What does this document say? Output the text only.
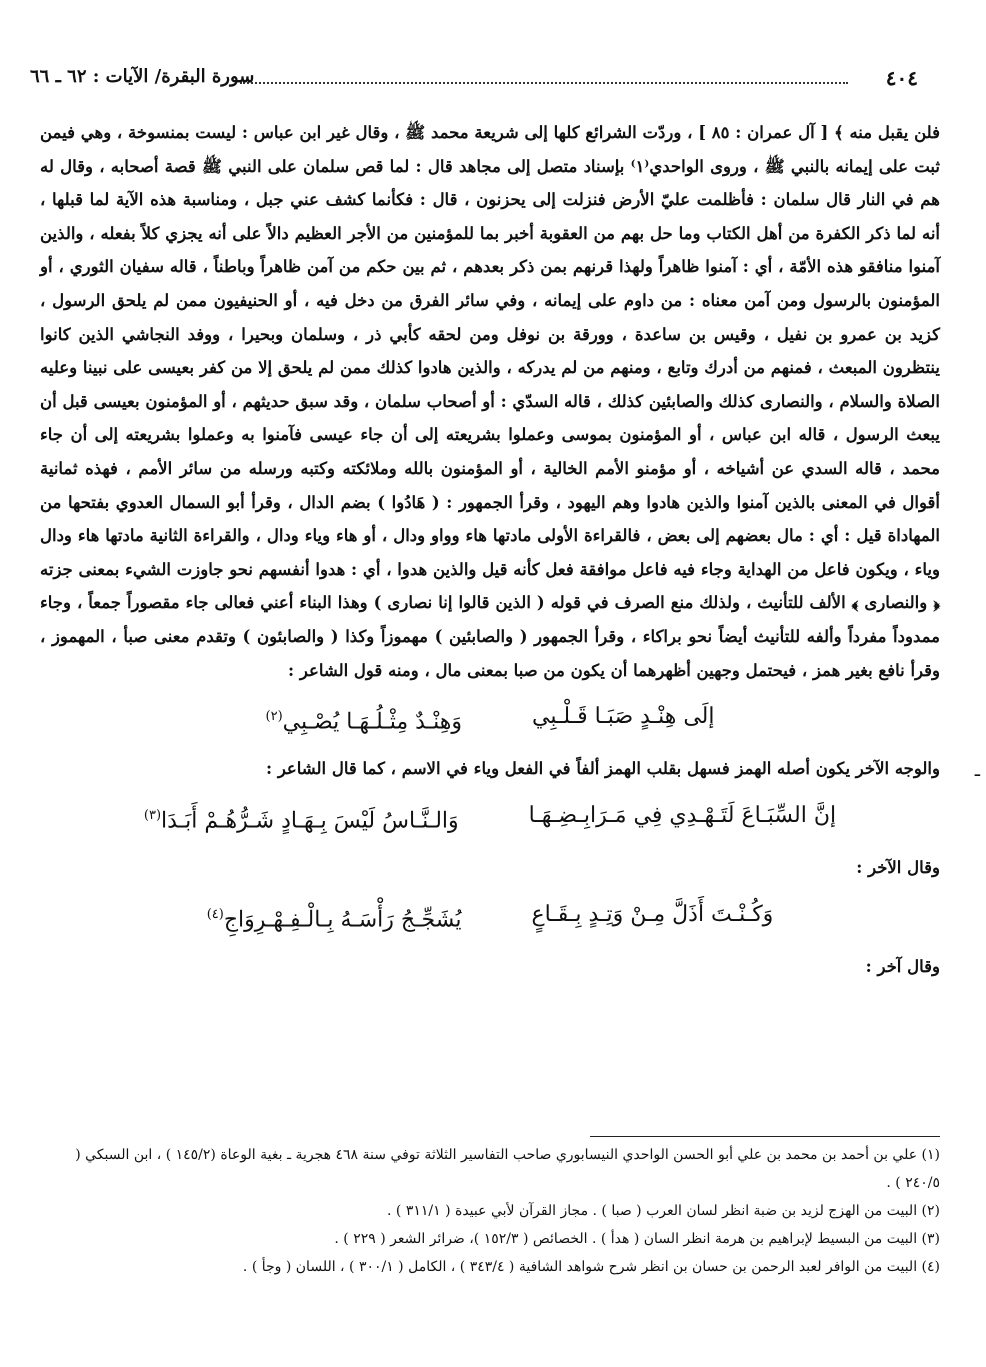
٤٠٤
سورة البقرة/ الآيات : ٦٢ ـ ٦٦

فلن يقبل منه ﴾ [ آل عمران : ٨٥ ] ، وردّت الشرائع كلها إلى شريعة محمد ﷺ ، وقال غير ابن عباس : ليست بمنسوخة ، وهي فيمن ثبت على إيمانه بالنبي ﷺ ، وروى الواحدي⁽١⁾ بإسناد متصل إلى مجاهد قال : لما قص سلمان على النبي ﷺ قصة أصحابه ، وقال له هم في النار قال سلمان : فأظلمت عليّ الأرض فنزلت إلى يحزنون ، قال : فكأنما كشف عني جبل ، ومناسبة هذه الآية لما قبلها ، أنه لما ذكر الكفرة من أهل الكتاب وما حل بهم من العقوبة أخبر بما للمؤمنين من الأجر العظيم دالاً على أنه يجزي كلاً بفعله ، والذين آمنوا منافقو هذه الأمّة ، أي : آمنوا ظاهراً ولهذا قرنهم بمن ذكر بعدهم ، ثم بين حكم من آمن ظاهراً وباطناً ، قاله سفيان الثوري ، أو المؤمنون بالرسول ومن آمن معناه : من داوم على إيمانه ، وفي سائر الفرق من دخل فيه ، أو الحنيفيون ممن لم يلحق الرسول ، كزيد بن عمرو بن نفيل ، وقيس بن ساعدة ، وورقة بن نوفل ومن لحقه كأبي ذر ، وسلمان وبحيرا ، ووفد النجاشي الذين كانوا ينتظرون المبعث ، فمنهم من أدرك وتابع ، ومنهم من لم يدركه ، والذين هادوا كذلك ممن لم يلحق إلا من كفر بعيسى على نبينا وعليه الصلاة والسلام ، والنصارى كذلك والصابئين كذلك ، قاله السدّي : أو أصحاب سلمان ، وقد سبق حديثهم ، أو المؤمنون بعيسى قبل أن يبعث الرسول ، قاله ابن عباس ، أو المؤمنون بموسى وعملوا بشريعته إلى أن جاء عيسى فآمنوا به وعملوا بشريعته إلى أن جاء محمد ، قاله السدي عن أشياخه ، أو مؤمنو الأمم الخالية ، أو المؤمنون بالله وملائكته وكتبه ورسله من سائر الأمم ، فهذه ثمانية أقوال في المعنى بالذين آمنوا والذين هادوا وهم اليهود ، وقرأ الجمهور : ( هَادُوا ) بضم الدال ، وقرأ أبو السمال العدوي بفتحها من المهاداة قيل : أي : مال بعضهم إلى بعض ، فالقراءة الأولى مادتها هاء وواو ودال ، أو هاء وياء ودال ، والقراءة الثانية مادتها هاء ودال وياء ، ويكون فاعل من الهداية وجاء فيه فاعل موافقة فعل كأنه قيل والذين هدوا ، أي : هدوا أنفسهم نحو جاوزت الشيء بمعنى جزته ﴿ والنصارى ﴾ الألف للتأنيث ، ولذلك منع الصرف في قوله ( الذين قالوا إنا نصارى ) وهذا البناء أعني فعالى جاء مقصوراً جمعاً ، وجاء ممدوداً مفرداً وألفه للتأنيث أيضاً نحو براكاء ، وقرأ الجمهور ( والصابئين ) مهموزاً وكذا ( والصابئون ) وتقدم معنى صبأ ، المهموز ، وقرأ نافع بغير همز ، فيحتمل وجهين أظهرهما أن يكون من صبا بمعنى مال ، ومنه قول الشاعر :

إلَى هِنْـدٍ صَبَـا قَـلْـبِي
وَهِنْـدٌ مِثْـلُـهَـا يُصْـبِي$^{(٢)}$

والوجه الآخر يكون أصله الهمز فسهل بقلب الهمز ألفاً في الفعل وياء في الاسم ، كما قال الشاعر :

إنَّ السِّبَـاعَ لَتَـهْـدِي فِي مَـرَابِـضِـهَـا
وَالـنَّـاسُ لَيْسَ بِـهَـادٍ شَـرُّهُـمْ أَبَـدَا$^{(٣)}$

وقال الآخر :

وَكُـنْـتَ أَذَلَّ مِـنْ وَتِـدٍ بِـقَـاعٍ
يُشَجِّـجُ رَأْسَـهُ بِـالْـفِـهْـرِوَاجِ$^{(٤)}$

وقال آخر :

ـ

(١) علي بن أحمد بن محمد بن علي أبو الحسن الواحدي النيسابوري صاحب التفاسير الثلاثة توفي سنة ٤٦٨ هجرية ـ بغية الوعاة (١٤٥/٢ ) ، ابن السبكي ( ٢٤٠/٥ ) .

(٢) البيت من الهزج لزيد بن ضبة انظر لسان العرب ( صبا ) . مجاز القرآن لأبي عبيدة ( ٣١١/١ ) .

(٣) البيت من البسيط لإبراهيم بن هرمة انظر السان ( هدأ ) . الخصائص ( ١٥٢/٣ )، ضرائر الشعر ( ٢٢٩ ) .

(٤) البيت من الوافر لعبد الرحمن بن حسان بن انظر شرح شواهد الشافية ( ٣٤٣/٤ ) ، الكامل ( ٣٠٠/١ ) ، اللسان ( وجأ ) .
